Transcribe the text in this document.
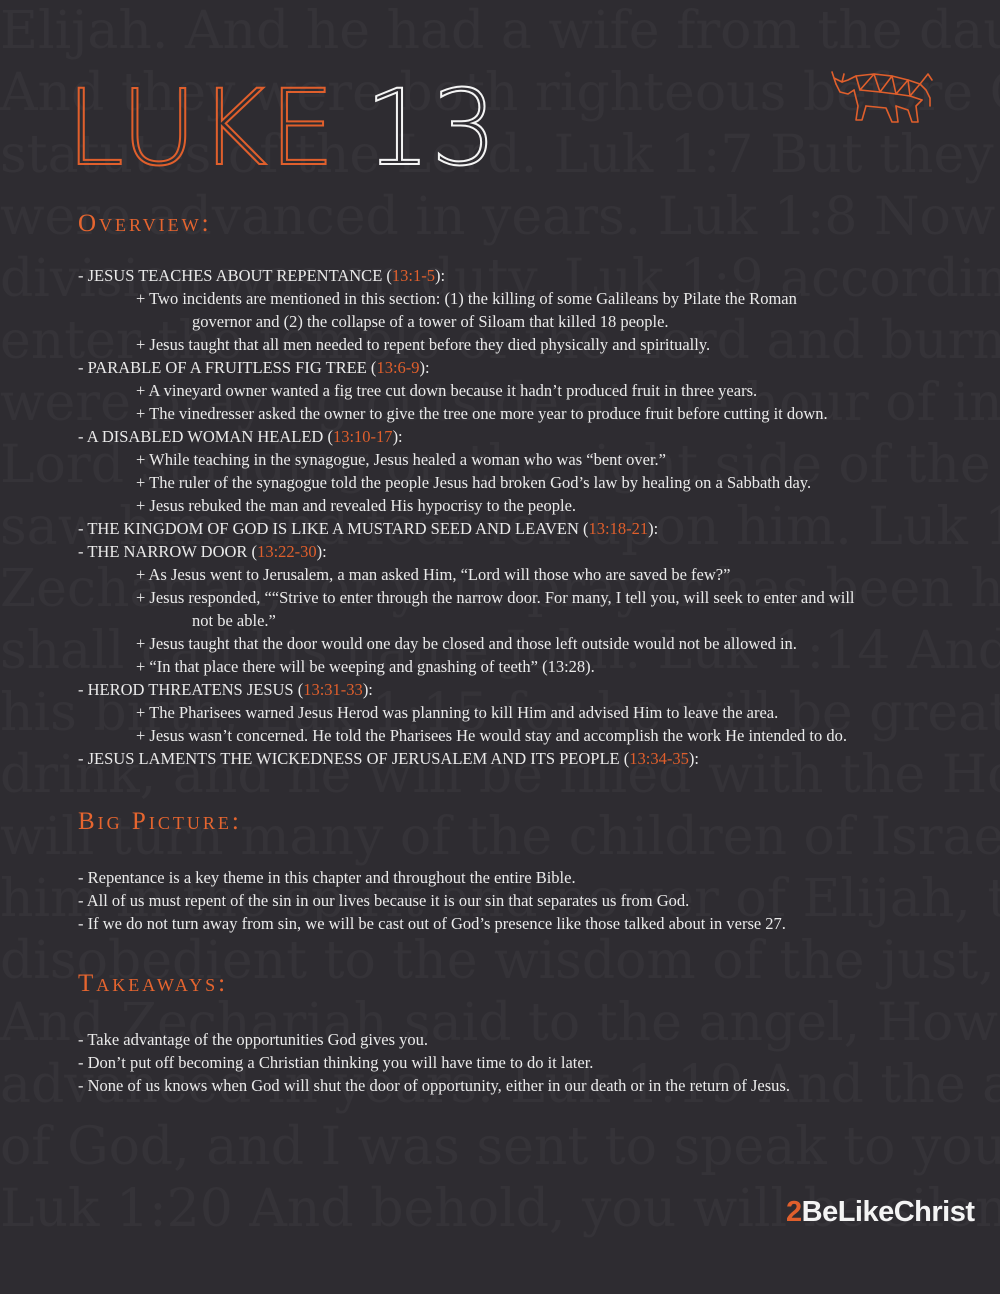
LUKE 13
Overview:
- JESUS TEACHES ABOUT REPENTANCE (13:1-5):
+ Two incidents are mentioned in this section: (1) the killing of some Galileans by Pilate the Roman
governor and (2) the collapse of a tower of Siloam that killed 18 people.
+ Jesus taught that all men needed to repent before they died physically and spiritually.
- PARABLE OF A FRUITLESS FIG TREE (13:6-9):
+ A vineyard owner wanted a fig tree cut down because it hadn’t produced fruit in three years.
+ The vinedresser asked the owner to give the tree one more year to produce fruit before cutting it down.
- A DISABLED WOMAN HEALED (13:10-17):
+ While teaching in the synagogue, Jesus healed a woman who was “bent over.”
+ The ruler of the synagogue told the people Jesus had broken God’s law by healing on a Sabbath day.
+ Jesus rebuked the man and revealed His hypocrisy to the people.
- THE KINGDOM OF GOD IS LIKE A MUSTARD SEED AND LEAVEN (13:18-21):
- THE NARROW DOOR (13:22-30):
+ As Jesus went to Jerusalem, a man asked Him, “Lord will those who are saved be few?”
+ Jesus responded, ““Strive to enter through the narrow door. For many, I tell you, will seek to enter and will
not be able.”
+ Jesus taught that the door would one day be closed and those left outside would not be allowed in.
+ “In that place there will be weeping and gnashing of teeth” (13:28).
- HEROD THREATENS JESUS (13:31-33):
+ The Pharisees warned Jesus Herod was planning to kill Him and advised Him to leave the area.
+ Jesus wasn’t concerned. He told the Pharisees He would stay and accomplish the work He intended to do.
- JESUS LAMENTS THE WICKEDNESS OF JERUSALEM AND ITS PEOPLE (13:34-35):
Big Picture:
- Repentance is a key theme in this chapter and throughout the entire Bible.
- All of us must repent of the sin in our lives because it is our sin that separates us from God.
- If we do not turn away from sin, we will be cast out of God’s presence like those talked about in verse 27.
Takeaways:
- Take advantage of the opportunities God gives you.
- Don’t put off becoming a Christian thinking you will have time to do it later.
- None of us knows when God will shut the door of opportunity, either in our death or in the return of Jesus.
2BeLikeChrist
